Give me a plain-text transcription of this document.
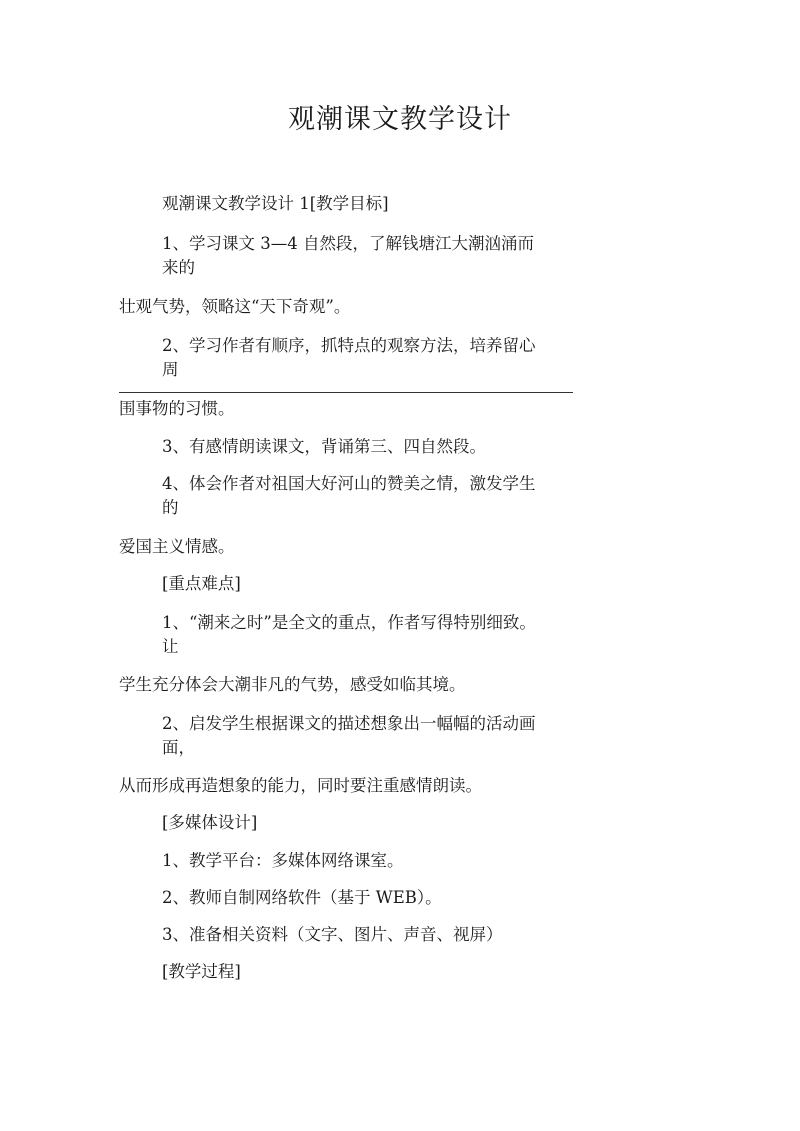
观潮课文教学设计
观潮课文教学设计 1[教学目标]
1、学习课文 3—4 自然段，了解钱塘江大潮汹涌而
来的
壮观气势，领略这“天下奇观”。
2、学习作者有顺序，抓特点的观察方法，培养留心
周
围事物的习惯。
3、有感情朗读课文，背诵第三、四自然段。
4、体会作者对祖国大好河山的赞美之情，激发学生
的
爱国主义情感。
[重点难点]
1、“潮来之时”是全文的重点，作者写得特别细致。
让
学生充分体会大潮非凡的气势，感受如临其境。
2、启发学生根据课文的描述想象出一幅幅的活动画
面，
从而形成再造想象的能力，同时要注重感情朗读。
[多媒体设计]
1、教学平台：多媒体网络课室。
2、教师自制网络软件（基于 WEB）。
3、准备相关资料（文字、图片、声音、视屏）
[教学过程]
